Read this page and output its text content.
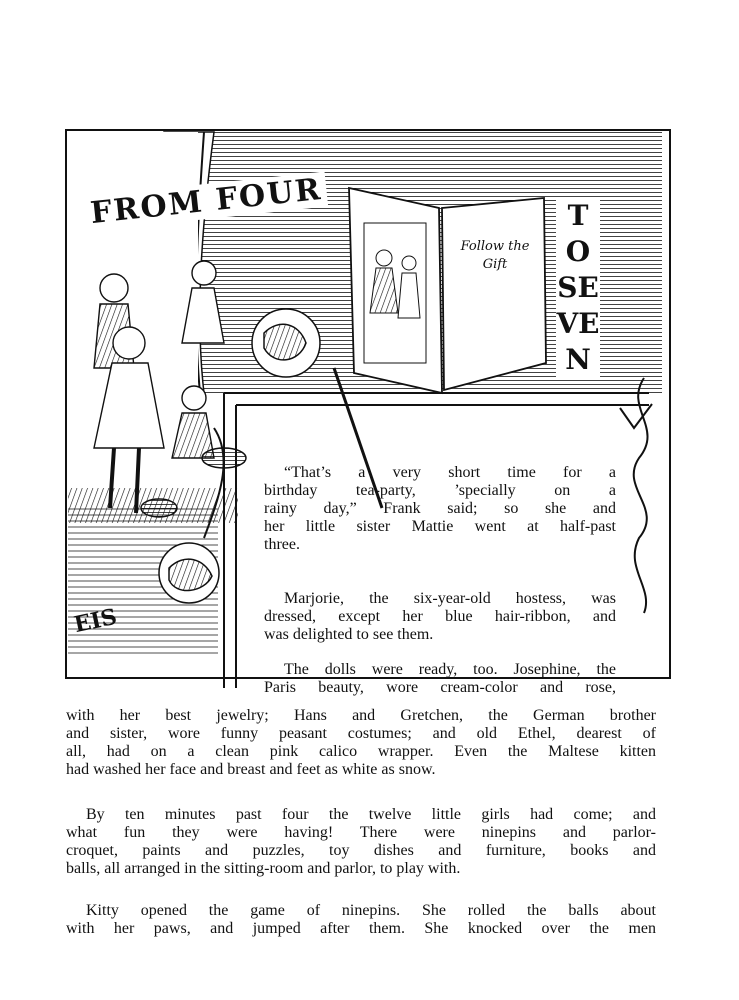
FROM FOUR	TO SEVEN
Follow the Gift
EIS
“That’s a very short time for a
birthday tea-party, ’specially on a
rainy day,” Frank said; so she and
her little sister Mattie went at half-past
three.
Marjorie, the six-year-old hostess, was
dressed, except her blue hair-ribbon, and
was delighted to see them.
The dolls were ready, too. Josephine, the
Paris beauty, wore cream-color and rose,
with her best jewelry; Hans and Gretchen, the German brother
and sister, wore funny peasant costumes; and old Ethel, dearest of
all, had on a clean pink calico wrapper. Even the Maltese kitten
had washed her face and breast and feet as white as snow.
By ten minutes past four the twelve little girls had come; and
what fun they were having! There were ninepins and parlor-
croquet, paints and puzzles, toy dishes and furniture, books and
balls, all arranged in the sitting-room and parlor, to play with.
Kitty opened the game of ninepins. She rolled the balls about
with her paws, and jumped after them. She knocked over the men
